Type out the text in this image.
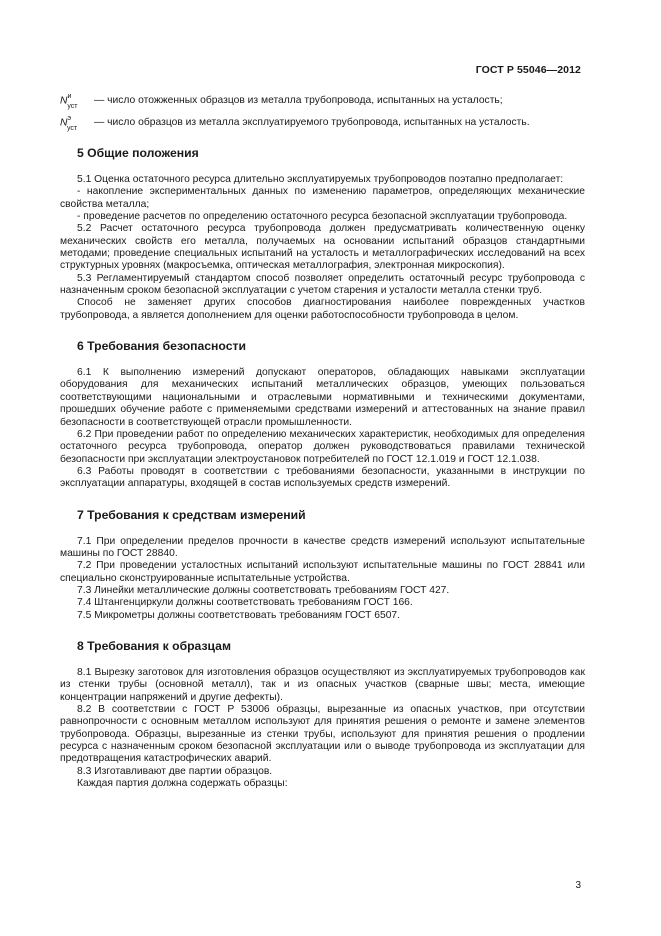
ГОСТ Р 55046—2012
$N^и_{уст}$
— число отожженных образцов из металла трубопровода, испытанных на усталость;
$N^э_{уст}$
— число образцов из металла эксплуатируемого трубопровода, испытанных на усталость.
5 Общие положения

5.1 Оценка остаточного ресурса длительно эксплуатируемых трубопроводов поэтапно предполагает:

- накопление экспериментальных данных по изменению параметров, определяющих механические свойства металла;

- проведение расчетов по определению остаточного ресурса безопасной эксплуатации трубопровода.

5.2 Расчет остаточного ресурса трубопровода должен предусматривать количественную оценку механических свойств его металла, получаемых на основании испытаний образцов стандартными методами; проведение специальных испытаний на усталость и металлографических исследований на всех структурных уровнях (макросъемка, оптическая металлография, электронная микроскопия).

5.3 Регламентируемый стандартом способ позволяет определить остаточный ресурс трубопровода с назначенным сроком безопасной эксплуатации с учетом старения и усталости металла стенки труб.

Способ не заменяет других способов диагностирования наиболее поврежденных участков трубопровода, а является дополнением для оценки работоспособности трубопровода в целом.

6 Требования безопасности

6.1 К выполнению измерений допускают операторов, обладающих навыками эксплуатации оборудования для механических испытаний металлических образцов, умеющих пользоваться соответствующими национальными и отраслевыми нормативными и техническими документами, прошедших обучение работе с применяемыми средствами измерений и аттестованных на знание правил безопасности в соответствующей отрасли промышленности.

6.2 При проведении работ по определению механических характеристик, необходимых для определения остаточного ресурса трубопровода, оператор должен руководствоваться правилами технической безопасности при эксплуатации электроустановок потребителей по ГОСТ 12.1.019 и ГОСТ 12.1.038.

6.3 Работы проводят в соответствии с требованиями безопасности, указанными в инструкции по эксплуатации аппаратуры, входящей в состав используемых средств измерений.

7 Требования к средствам измерений

7.1 При определении пределов прочности в качестве средств измерений используют испытательные машины по ГОСТ 28840.

7.2 При проведении усталостных испытаний используют испытательные машины по ГОСТ 28841 или специально сконструированные испытательные устройства.

7.3 Линейки металлические должны соответствовать требованиям ГОСТ 427.

7.4 Штангенциркули должны соответствовать требованиям ГОСТ 166.

7.5 Микрометры должны соответствовать требованиям ГОСТ 6507.

8 Требования к образцам

8.1 Вырезку заготовок для изготовления образцов осуществляют из эксплуатируемых трубопроводов как из стенки трубы (основной металл), так и из опасных участков (сварные швы; места, имеющие концентрации напряжений и другие дефекты).

8.2 В соответствии с ГОСТ Р 53006 образцы, вырезанные из опасных участков, при отсутствии равнопрочности с основным металлом используют для принятия решения о ремонте и замене элементов трубопровода. Образцы, вырезанные из стенки трубы, используют для принятия решения о продлении ресурса с назначенным сроком безопасной эксплуатации или о выводе трубопровода из эксплуатации для предотвращения катастрофических аварий.

8.3 Изготавливают две партии образцов.

Каждая партия должна содержать образцы:

3
